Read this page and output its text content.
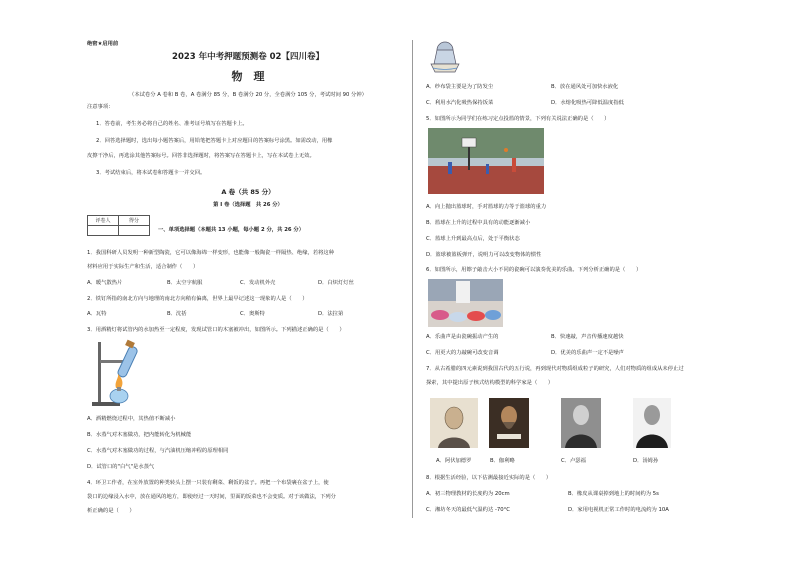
绝密★启用前
2023 年中考押题预测卷 02【四川卷】
物　理
（本试卷分 A 卷和 B 卷，A 卷满分 85 分，B 卷满分 20 分，全卷满分 105 分，考试时间 90 分钟）
注意事项：
1．答卷前，考生务必将自己的姓名、准考证号填写在答题卡上。
2．回答选择题时，选出每小题答案后，用铅笔把答题卡上对应题目的答案标号涂黑。如需改动，用橡
皮擦干净后，再选涂其他答案标号。回答非选择题时，将答案写在答题卡上，写在本试卷上无效。
3．考试结束后，将本试卷和答题卡一并交回。
A 卷（共 85 分）
第 I 卷（选择题　共 26 分）
评卷人	得分

一、单项选择题（本题共 13 小题，每小题 2 分，共 26 分）
1．我国科研人员发明一种新型陶瓷，它可以像海绵一样变形，也能像一般陶瓷一样隔热、绝缘，若将这种
材料应用于实际生产和生活，适合制作（　　）
A．暖气散热片	B．太空宇航服	C．发动机外壳	D．白炽灯灯丝
2．铁钉所指的南北方向与地理的南北方向稍有偏离，世界上最早记述这一现象的人是（　　）
A．瓦特	B．沈括	C．奥斯特	D．法拉第
3．用酒精灯将试管内的水加热至一定程度，发现试管口的木塞被冲出，如图所示。下列描述正确的是（　　）
A．酒精燃烧过程中，其热值不断减小
B．水蒸气对木塞做功，把内能转化为机械能
C．水蒸气对木塞做功的过程，与汽油机压缩冲程的原理相同
D．试管口的"白气"是水蒸气
4．环卫工作者，在室外放置的种类转头上摆一只装有剩菜、剩饭的盆子。再把一个布袋裹在盆子上，使
袋口的边缘浸入水中，放在通风的地方，即使经过一天时间，里面的饭菜也不会变质。对于该做法，下列分
析正确的是（　　）
A．纱布袋主要是为了防发尘	B．放在通风处可加快水液化
C．利用水汽化吸热保持饭菜	D．水熔化吸热可降低温度指低
5．如图所示为同学们在练习定点投篮的情景，下列有关说法正确的是（　　）
A．向上抛出篮球时，手对篮球的力等于篮球的重力
B．篮球在上升的过程中具有的动能逐渐减小
C．篮球上升到最高点后，处于平衡状态
D．篮球被篮板弹开，说明力可以改变物体的惯性
6．如图所示，用镲子敲击大小不同的瓷碗可以演奏优美的乐曲。下列分析正确的是（　　）
A．乐曲声是由瓷碗振动产生的	B．快速敲，声音传播速度越快
C．用更大的力敲碗可改变音调	D．优美的乐曲声一定不是噪声
7．从古希腊的四元素说到我国古代的五行说，再到现代对物质组成粒子的研究，人们对物质的组成从未停止过
探索，其中提出原子核式结构模型的科学家是（　　）
A．阿伏加德罗	B．伽利略	C．卢瑟福	D．汤姆孙
8．根据生活经验，以下估测最接近实际的是（　　）
A．初三物理教材的长度约为 20cm	B．橡皮从课桌掉到地上的时间约为 5s
C．湘坊冬天的最低气温约达 -70°C	D．家用电视机正常工作时的电流约为 10A
